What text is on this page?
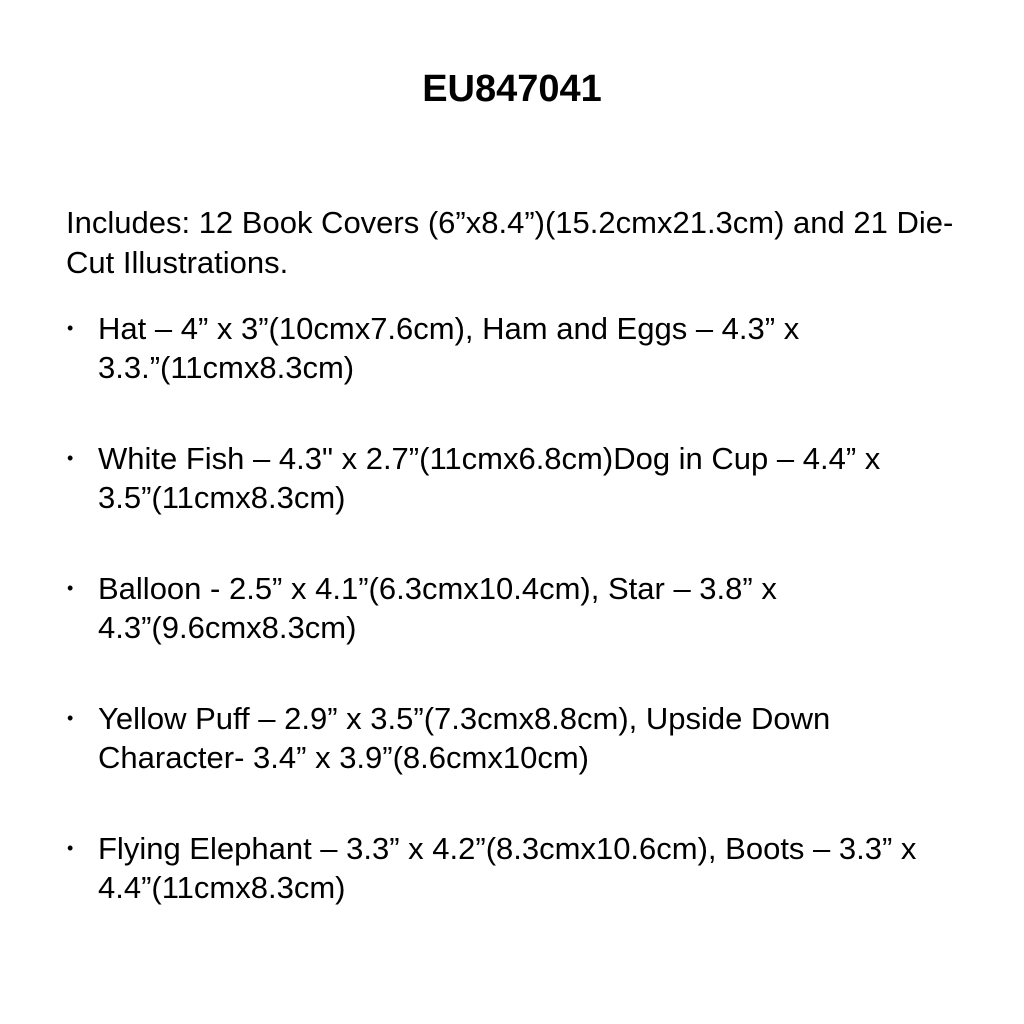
EU847041

Includes: 12 Book Covers (6”x8.4”)(15.2cmx21.3cm) and 21 Die-Cut Illustrations.

• Hat – 4” x 3”(10cmx7.6cm), Ham and Eggs – 4.3” x 3.3.”(11cmx8.3cm)
• White Fish – 4.3" x 2.7”(11cmx6.8cm)Dog in Cup – 4.4” x 3.5”(11cmx8.3cm)
• Balloon - 2.5” x 4.1”(6.3cmx10.4cm), Star – 3.8” x 4.3”(9.6cmx8.3cm)
• Yellow Puff – 2.9” x 3.5”(7.3cmx8.8cm), Upside Down Character- 3.4” x 3.9”(8.6cmx10cm)
• Flying Elephant – 3.3” x 4.2”(8.3cmx10.6cm), Boots – 3.3” x 4.4”(11cmx8.3cm)
